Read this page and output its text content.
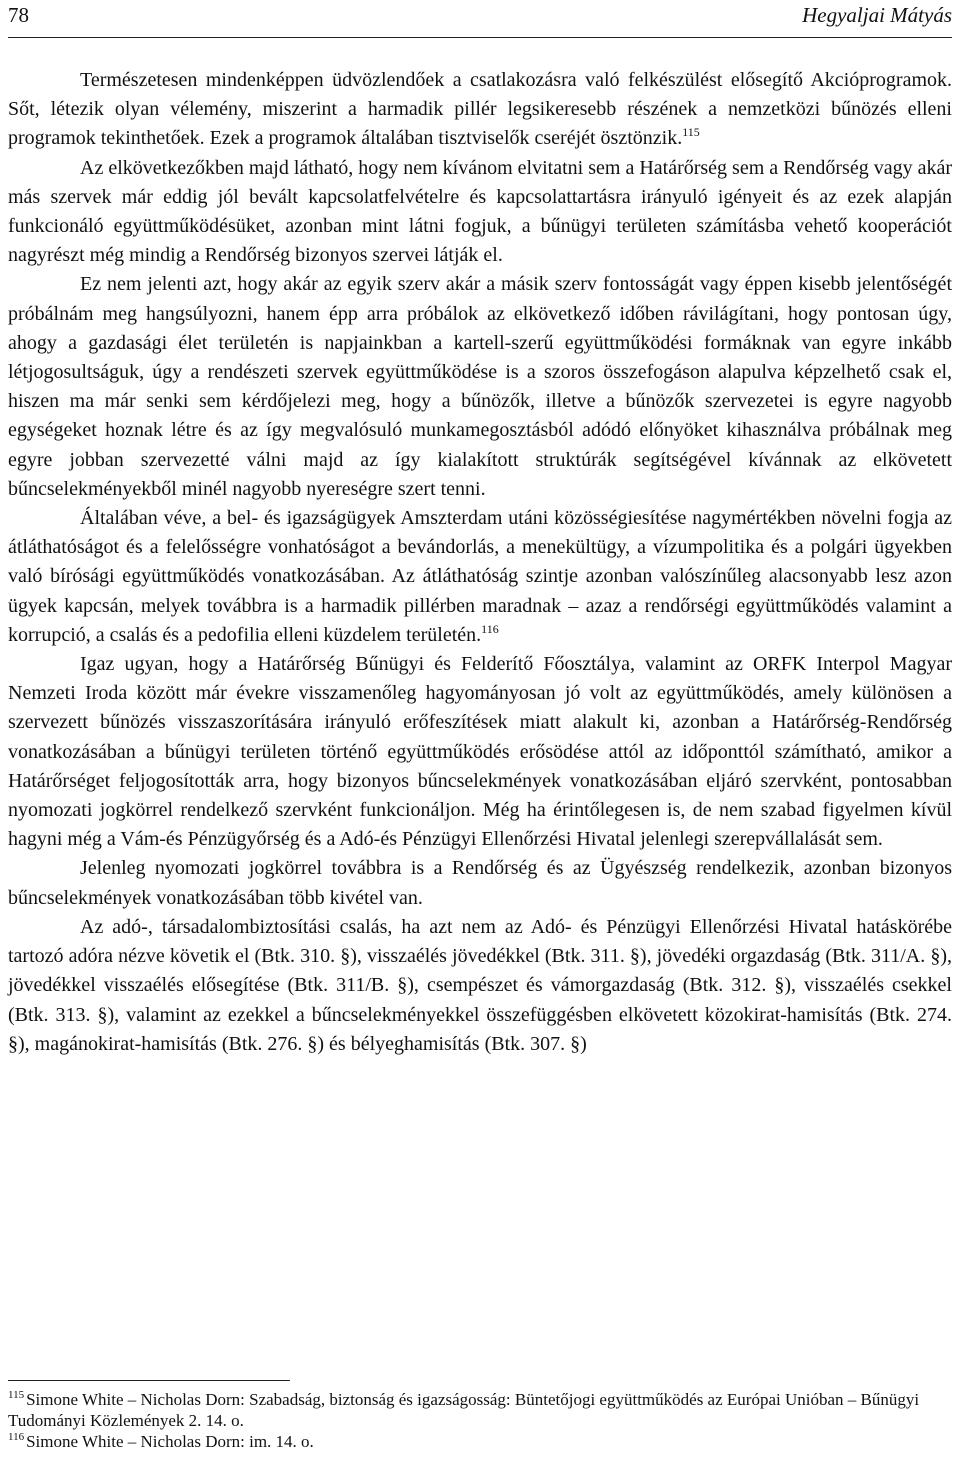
78	Hegyaljai Mátyás

Természetesen mindenképpen üdvözlendőek a csatlakozásra való felkészülést elősegítő Akcióprogramok. Sőt, létezik olyan vélemény, miszerint a harmadik pillér legsikeresebb részének a nemzetközi bűnözés elleni programok tekinthetőek. Ezek a programok általában tisztviselők cseréjét ösztönzik.$^{115}$

Az elkövetkezőkben majd látható, hogy nem kívánom elvitatni sem a Határőrség sem a Rendőrség vagy akár más szervek már eddig jól bevált kapcsolatfelvételre és kapcsolattartásra irányuló igényeit és az ezek alapján funkcionáló együttműködésüket, azonban mint látni fogjuk, a bűnügyi területen számításba vehető kooperációt nagyrészt még mindig a Rendőrség bizonyos szervei látják el.

Ez nem jelenti azt, hogy akár az egyik szerv akár a másik szerv fontosságát vagy éppen kisebb jelentőségét próbálnám meg hangsúlyozni, hanem épp arra próbálok az elkövetkező időben rávilágítani, hogy pontosan úgy, ahogy a gazdasági élet területén is napjainkban a kartell-szerű együttműködési formáknak van egyre inkább létjogosultságuk, úgy a rendészeti szervek együttműködése is a szoros összefogáson alapulva képzelhető csak el, hiszen ma már senki sem kérdőjelezi meg, hogy a bűnözők, illetve a bűnözők szervezetei is egyre nagyobb egységeket hoznak létre és az így megvalósuló munkamegosztásból adódó előnyöket kihasználva próbálnak meg egyre jobban szervezetté válni majd az így kialakított struktúrák segítségével kívánnak az elkövetett bűncselekményekből minél nagyobb nyereségre szert tenni.

Általában véve, a bel- és igazságügyek Amszterdam utáni közösségiesítése nagymértékben növelni fogja az átláthatóságot és a felelősségre vonhatóságot a bevándorlás, a menekültügy, a vízumpolitika és a polgári ügyekben való bírósági együttműködés vonatkozásában. Az átláthatóság szintje azonban valószínűleg alacsonyabb lesz azon ügyek kapcsán, melyek továbbra is a harmadik pillérben maradnak – azaz a rendőrségi együttműködés valamint a korrupció, a csalás és a pedofilia elleni küzdelem területén.$^{116}$

Igaz ugyan, hogy a Határőrség Bűnügyi és Felderítő Főosztálya, valamint az ORFK Interpol Magyar Nemzeti Iroda között már évekre visszamenőleg hagyományosan jó volt az együttműködés, amely különösen a szervezett bűnözés visszaszorítására irányuló erőfeszítések miatt alakult ki, azonban a Határőrség-Rendőrség vonatkozásában a bűnügyi területen történő együttműködés erősödése attól az időponttól számítható, amikor a Határőrséget feljogosították arra, hogy bizonyos bűncselekmények vonatkozásában eljáró szervként, pontosabban nyomozati jogkörrel rendelkező szervként funkcionáljon. Még ha érintőlegesen is, de nem szabad figyelmen kívül hagyni még a Vám-és Pénzügyőrség és a Adó-és Pénzügyi Ellenőrzési Hivatal jelenlegi szerepvállalását sem.

Jelenleg nyomozati jogkörrel továbbra is a Rendőrség és az Ügyészség rendelkezik, azonban bizonyos bűncselekmények vonatkozásában több kivétel van.

Az adó-, társadalombiztosítási csalás, ha azt nem az Adó- és Pénzügyi Ellenőrzési Hivatal hatáskörébe tartozó adóra nézve követik el (Btk. 310. §), visszaélés jövedékkel (Btk. 311. §), jövedéki orgazdaság (Btk. 311/A. §), jövedékkel visszaélés elősegítése (Btk. 311/B. §), csempészet és vámorgazdaság (Btk. 312. §), visszaélés csekkel (Btk. 313. §), valamint az ezekkel a bűncselekményekkel összefüggésben elkövetett közokirat-hamisítás (Btk. 274. §), magánokirat-hamisítás (Btk. 276. §) és bélyeghamisítás (Btk. 307. §)

$^{115}$ Simone White – Nicholas Dorn: Szabadság, biztonság és igazságosság: Büntetőjogi együttműködés az Európai Unióban – Bűnügyi Tudományi Közlemények 2. 14. o.

$^{116}$ Simone White – Nicholas Dorn: im. 14. o.
